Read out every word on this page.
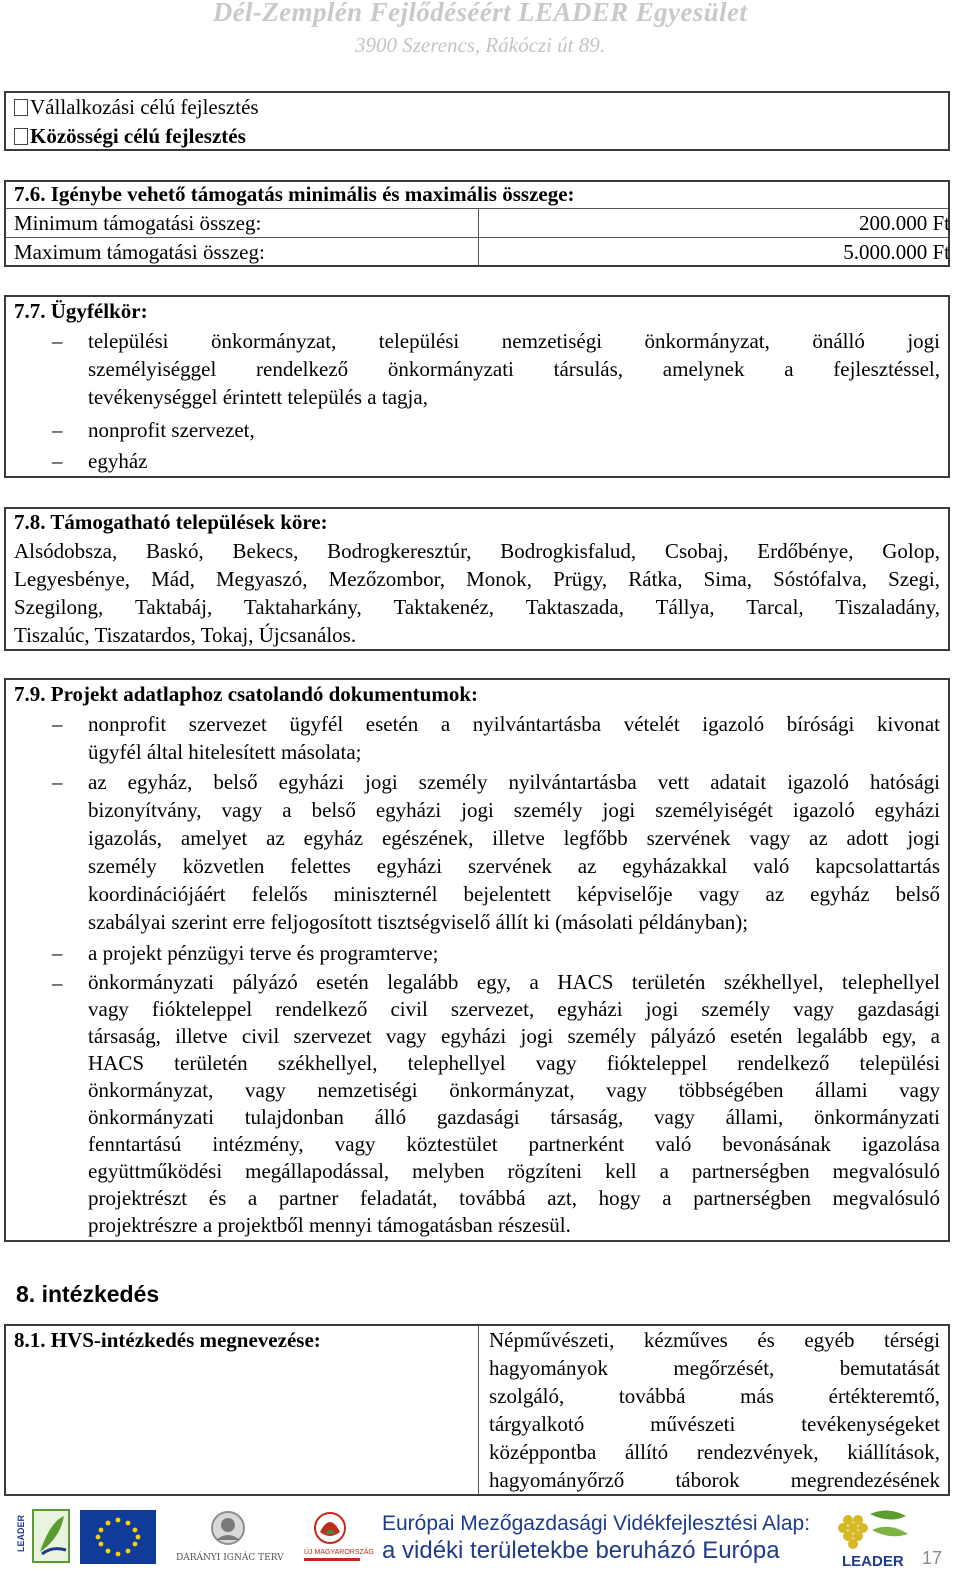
Dél-Zemplén Fejlődéséért LEADER Egyesület
3900 Szerencs, Rákóczi út 89.
Vállalkozási célú fejlesztés
Közösségi célú fejlesztés
7.6. Igénybe vehető támogatás minimális és maximális összege:
Minimum támogatási összeg:	200.000 Ft
Maximum támogatási összeg:	5.000.000 Ft
7.7. Ügyfélkör:
– települési önkormányzat, települési nemzetiségi önkormányzat, önálló jogi
személyiséggel rendelkező önkormányzati társulás, amelynek a fejlesztéssel,
tevékenységgel érintett település a tagja,
– nonprofit szervezet,
– egyház
7.8. Támogatható települések köre:
Alsódobsza, Baskó, Bekecs, Bodrogkeresztúr, Bodrogkisfalud, Csobaj, Erdőbénye, Golop,
Legyesbénye, Mád, Megyaszó, Mezőzombor, Monok, Prügy, Rátka, Sima, Sóstófalva, Szegi,
Szegilong, Taktabáj, Taktaharkány, Taktakenéz, Taktaszada, Tállya, Tarcal, Tiszaladány,
Tiszalúc, Tiszatardos, Tokaj, Újcsanálos.
7.9. Projekt adatlaphoz csatolandó dokumentumok:
– nonprofit szervezet ügyfél esetén a nyilvántartásba vételét igazoló bírósági kivonat
ügyfél által hitelesített másolata;
– az egyház, belső egyházi jogi személy nyilvántartásba vett adatait igazoló hatósági
bizonyítvány, vagy a belső egyházi jogi személy jogi személyiségét igazoló egyházi
igazolás, amelyet az egyház egészének, illetve legfőbb szervének vagy az adott jogi
személy közvetlen felettes egyházi szervének az egyházakkal való kapcsolattartás
koordinációjáért felelős miniszternél bejelentett képviselője vagy az egyház belső
szabályai szerint erre feljogosított tisztségviselő állít ki (másolati példányban);
– a projekt pénzügyi terve és programterve;
– önkormányzati pályázó esetén legalább egy, a HACS területén székhellyel, telephellyel
vagy fiókteleppel rendelkező civil szervezet, egyházi jogi személy vagy gazdasági
társaság, illetve civil szervezet vagy egyházi jogi személy pályázó esetén legalább egy, a
HACS területén székhellyel, telephellyel vagy fiókteleppel rendelkező települési
önkormányzat, vagy nemzetiségi önkormányzat, vagy többségében állami vagy
önkormányzati tulajdonban álló gazdasági társaság, vagy állami, önkormányzati
fenntartású intézmény, vagy köztestület partnerként való bevonásának igazolása
együttműködési megállapodással, melyben rögzíteni kell a partnerségben megvalósuló
projektrészt és a partner feladatát, továbbá azt, hogy a partnerségben megvalósuló
projektrészre a projektből mennyi támogatásban részesül.
8. intézkedés
8.1. HVS-intézkedés megnevezése:	Népművészeti, kézműves és egyéb térségi
hagyományok megőrzését, bemutatását
szolgáló, továbbá más értékteremtő,
tárgyalkotó művészeti tevékenységeket
középpontba állító rendezvények, kiállítások,
hagyományőrző táborok megrendezésének
LEADER
DARÁNYI IGNÁC TERV
ÚJ MAGYARORSZÁG
Európai Mezőgazdasági Vidékfejlesztési Alap:
a vidéki területekbe beruházó Európa	LEADER 17
